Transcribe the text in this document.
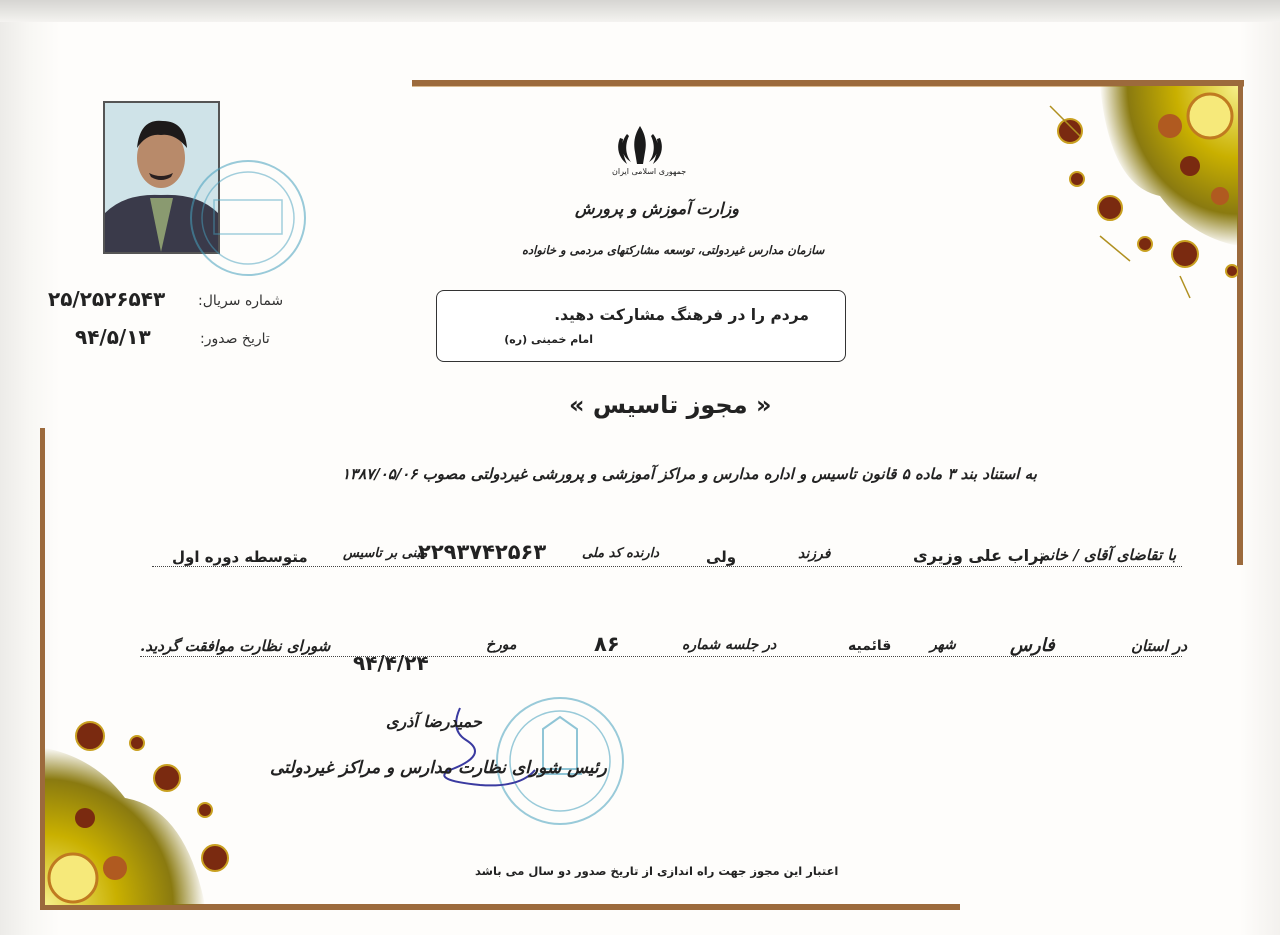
جمهوری اسلامی ایران
وزارت آموزش و پرورش
سازمان مدارس غیردولتی، توسعه مشارکتهای مردمی و خانواده
شماره سریال:
۲۵/۲۵۲۶۵۴۳
تاریخ صدور:
۹۴/۵/۱۳
مردم را در فرهنگ مشارکت دهید.
امام خمینی (ره)
« مجوز تاسیس »
به استناد بند ۳ ماده ۵ قانون تاسیس و اداره مدارس و مراکز آموزشی و پرورشی غیردولتی مصوب ۱۳۸۷/۰۵/۰۶
با تقاضای آقای / خانم
تراب علی وزیری
فرزند
ولی
دارنده کد ملی
۲۲۹۳۷۴۲۵۶۳
مبنی بر تاسیس
متوسطه دوره اول
در استان
فارس
شهر
قائمیه
در جلسه شماره
۸۶
مورخ
۹۴/۴/۲۴
شورای نظارت موافقت گردید.
حمیدرضا آذری
رئیس شورای نظارت مدارس و مراکز غیردولتی
اعتبار این مجوز جهت راه اندازی از تاریخ صدور دو سال می باشد
